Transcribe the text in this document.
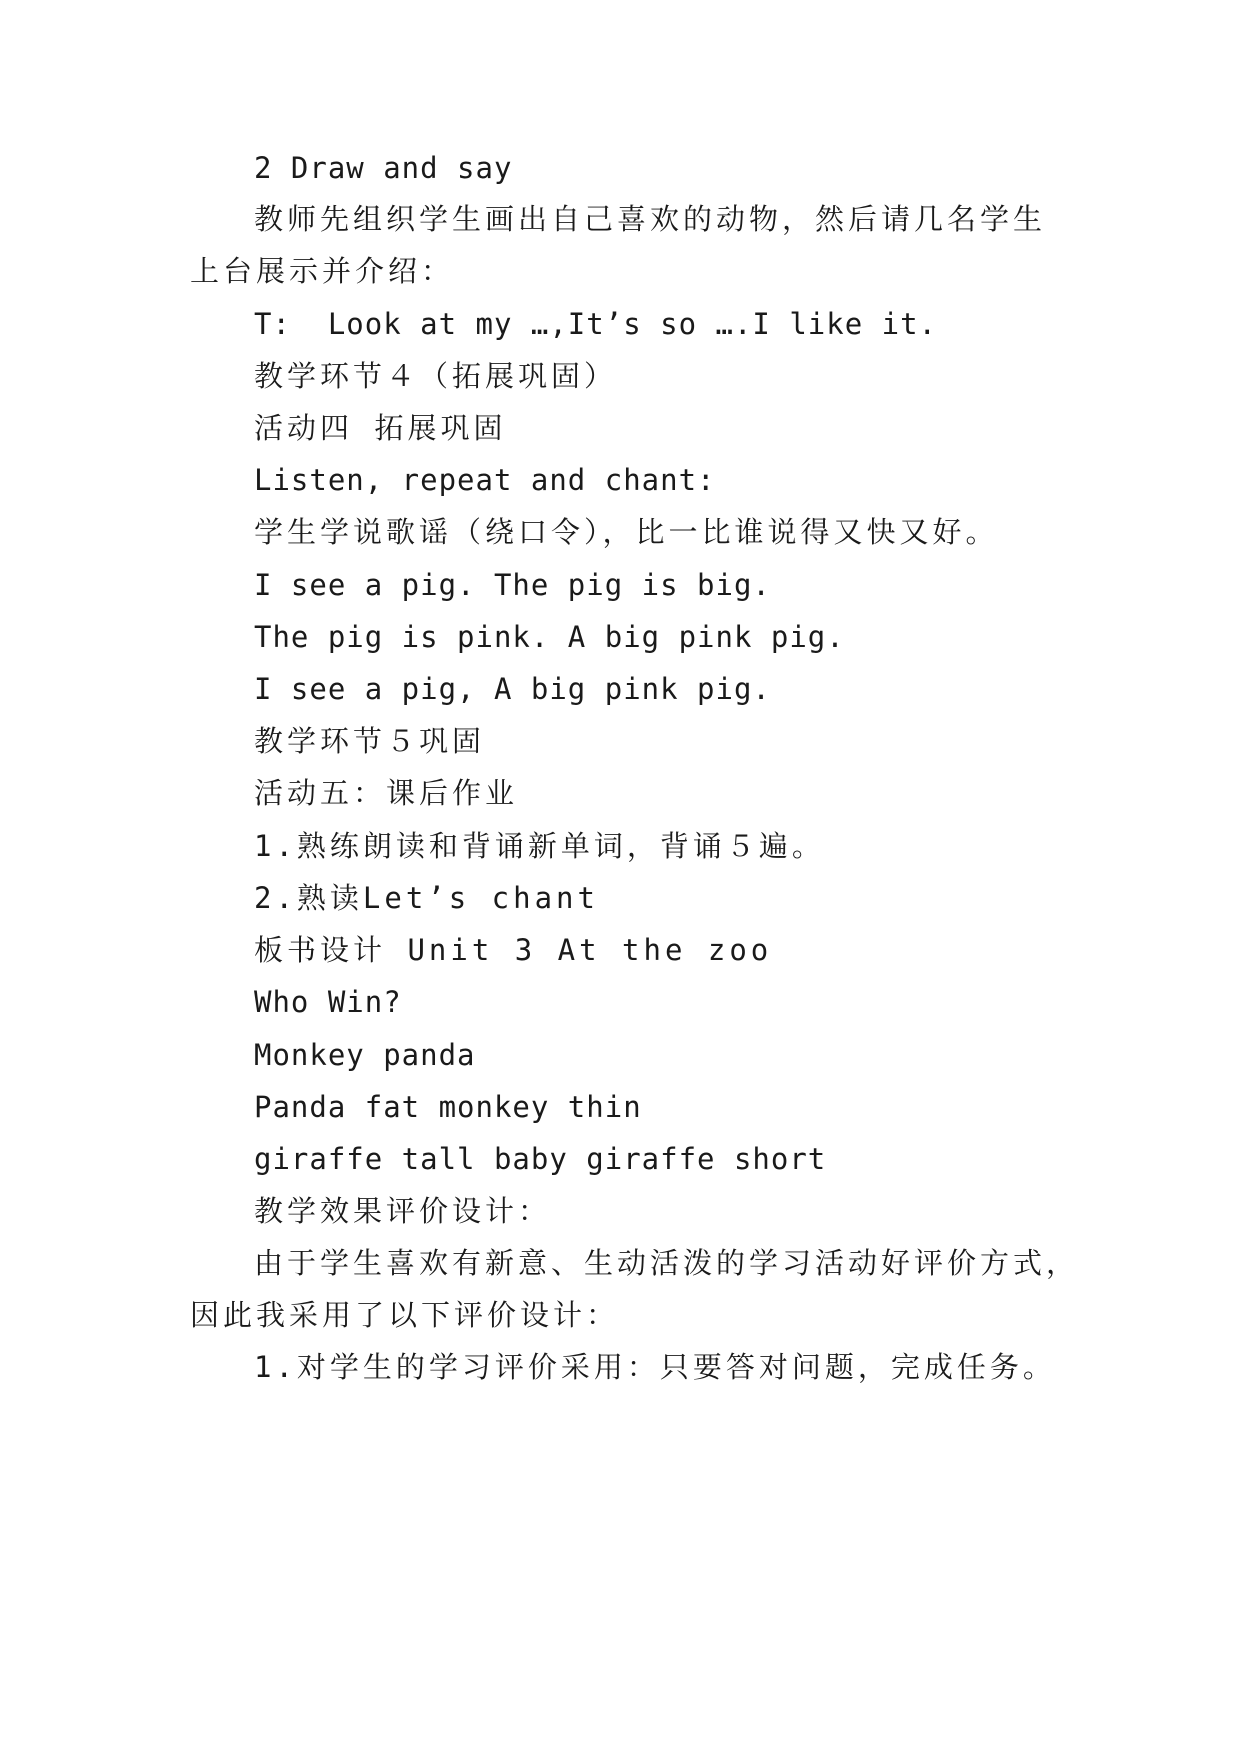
2 Draw and say
教师先组织学生画出自己喜欢的动物，然后请几名学生
上台展示并介绍：
T:  Look at my …,It’s so ….I like it.
教学环节４（拓展巩固）
活动四 拓展巩固
Listen, repeat and chant:
学生学说歌谣（绕口令），比一比谁说得又快又好。
I see a pig. The pig is big.
The pig is pink. A big pink pig.
I see a pig, A big pink pig.
教学环节５巩固
活动五：课后作业
1.熟练朗读和背诵新单词，背诵５遍。
2.熟读Let’s chant
板书设计 Unit 3 At the zoo
Who Win?
Monkey panda
Panda fat monkey thin
giraffe tall baby giraffe short
教学效果评价设计：
由于学生喜欢有新意、生动活泼的学习活动好评价方式，
因此我采用了以下评价设计：
1.对学生的学习评价采用：只要答对问题，完成任务。
